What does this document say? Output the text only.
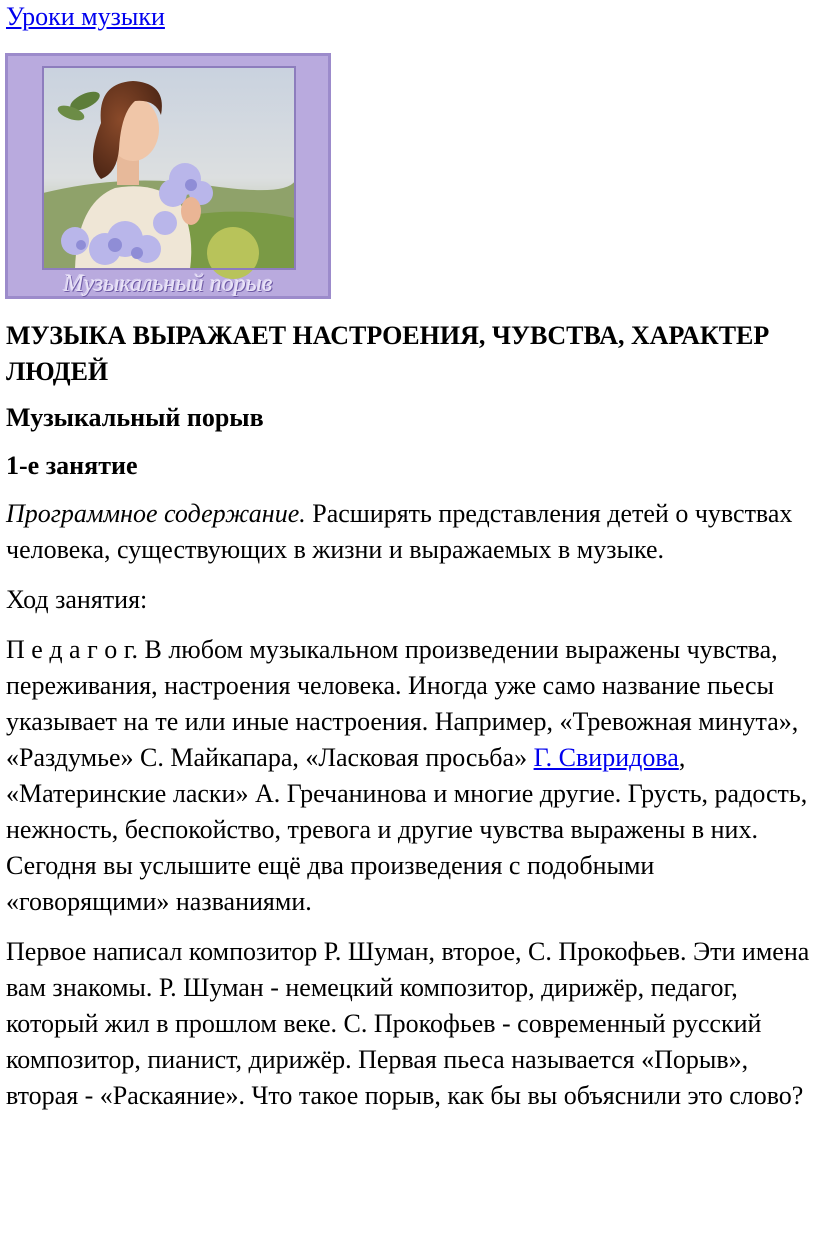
Уроки музыки
Музыкальный порыв
МУЗЫКА ВЫРАЖАЕТ НАСТРОЕНИЯ, ЧУВСТВА, ХАРАКТЕР ЛЮДЕЙ
Музыкальный порыв
1-е занятие

Программное содержание. Расширять представления детей о чувствах человека, существующих в жизни и выражаемых в музыке.

Ход занятия:

П е д а г о г. В любом музыкальном произведении выражены чувства, переживания, настроения человека. Иногда уже само название пьесы указывает на те или иные настроения. Например, «Тревожная минута», «Раздумье» С. Майкапара, «Ласковая просьба» Г. Свиридова, «Материнские ласки» А. Гречанинова и многие другие. Грусть, радость, нежность, беспокойство, тревога и другие чувства выражены в них. Сегодня вы услышите ещё два произведения с подобными «говорящими» названиями.

Первое написал композитор Р. Шуман, второе, С. Прокофьев. Эти имена вам знакомы. Р. Шуман - немецкий композитор, дирижёр, педагог, который жил в прошлом веке. С. Прокофьев - современный русский композитор, пианист, дирижёр. Первая пьеса называется «Порыв», вторая - «Раскаяние». Что такое порыв, как бы вы объяснили это слово?
